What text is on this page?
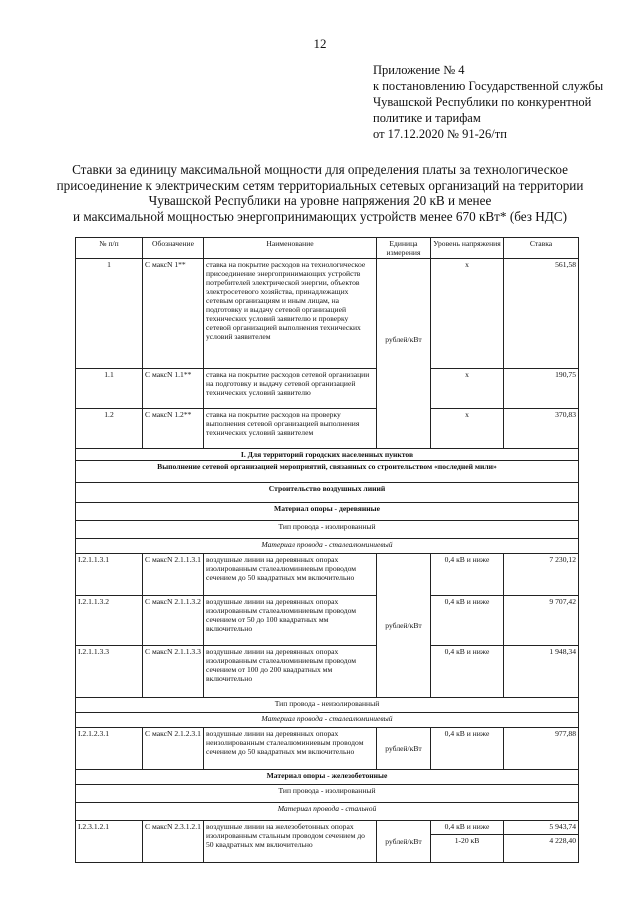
12
Приложение № 4
к постановлению Государственной службы
Чувашской Республики по конкурентной
политике и тарифам
от 17.12.2020 № 91-26/тп
Ставки за единицу максимальной мощности для определения платы за технологическое
присоединение к электрическим сетям территориальных сетевых организаций на территории
Чувашской Республики на уровне напряжения 20 кВ и менее
и максимальной мощностью энергопринимающих устройств менее 670 кВт* (без НДС)
№ п/п	Обозначение	Наименование	Единица измерения	Уровень напряжения	Ставка
1	С максN 1**	ставка на покрытие расходов на технологическое присоединение энергопринимающих устройств потребителей электрической энергии, объектов электросетевого хозяйства, принадлежащих сетевым организациям и иным лицам, на подготовку и выдачу сетевой организацией технических условий заявителю и проверку сетевой организацией выполнения технических условий заявителем	рублей/кВт	х	561,58
1.1	С максN 1.1**	ставка на покрытие расходов сетевой организации на подготовку и выдачу сетевой организацией технических условий заявителю		х	190,75
1.2	С максN 1.2**	ставка на покрытие расходов на проверку выполнения сетевой организацией выполнения технических условий заявителем		х	370,83
I. Для территорий городских населенных пунктов					
Выполнение сетевой организацией мероприятий, связанных со строительством «последней мили»					
Строительство воздушных линий					
Материал опоры - деревянные					
Тип провода - изолированный					
Материал провода - сталеалюминиевый					
I.2.1.1.3.1	С максN 2.1.1.3.1	воздушные линии на деревянных опорах изолированным сталеалюминиевым проводом сечением до 50 квадратных мм включительно	рублей/кВт	0,4 кВ и ниже	7 230,12
I.2.1.1.3.2	С максN 2.1.1.3.2	воздушные линии на деревянных опорах изолированным сталеалюминиевым проводом сечением от 50 до 100 квадратных мм включительно		0,4 кВ и ниже	9 707,42
I.2.1.1.3.3	С максN 2.1.1.3.3	воздушные линии на деревянных опорах изолированным сталеалюминиевым проводом сечением от 100 до 200 квадратных мм включительно		0,4 кВ и ниже	1 948,34
Тип провода - неизолированный					
Материал провода - сталеалюминиевый					
I.2.1.2.3.1	С максN 2.1.2.3.1	воздушные линии на деревянных опорах неизолированным сталеалюминиевым проводом сечением до 50 квадратных мм включительно	рублей/кВт	0,4 кВ и ниже	977,88
Материал опоры - железобетонные					
Тип провода - изолированный					
Материал провода - стальной					
I.2.3.1.2.1	С максN 2.3.1.2.1	воздушные линии на железобетонных опорах изолированным стальным проводом сечением до 50 квадратных мм включительно	рублей/кВт	0,4 кВ и ниже	5 943,74
				1-20 кВ	4 228,40
